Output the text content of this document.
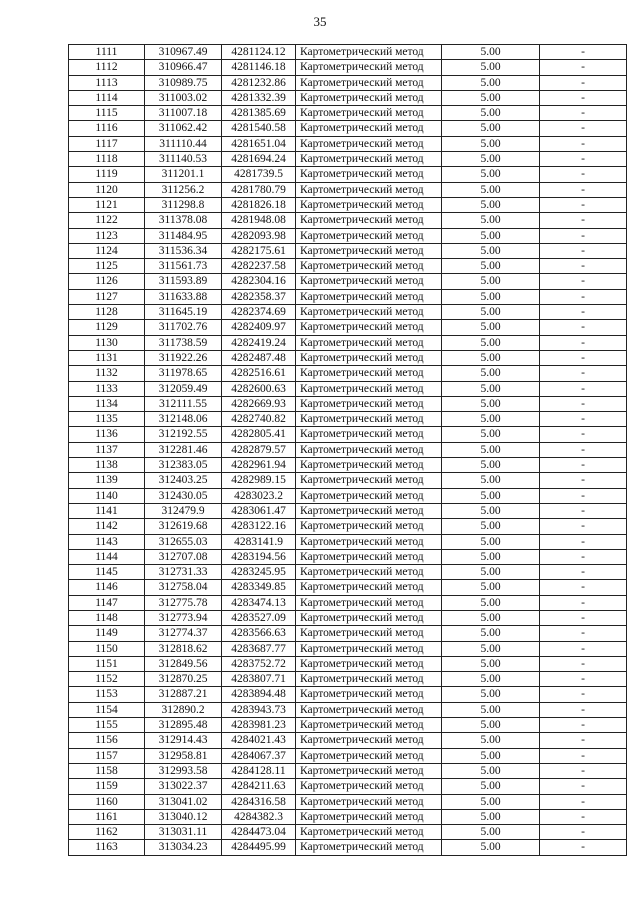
35
1111	310967.49	4281124.12	Картометрический метод	5.00	-
1112	310966.47	4281146.18	Картометрический метод	5.00	-
1113	310989.75	4281232.86	Картометрический метод	5.00	-
1114	311003.02	4281332.39	Картометрический метод	5.00	-
1115	311007.18	4281385.69	Картометрический метод	5.00	-
1116	311062.42	4281540.58	Картометрический метод	5.00	-
1117	311110.44	4281651.04	Картометрический метод	5.00	-
1118	311140.53	4281694.24	Картометрический метод	5.00	-
1119	311201.1	4281739.5	Картометрический метод	5.00	-
1120	311256.2	4281780.79	Картометрический метод	5.00	-
1121	311298.8	4281826.18	Картометрический метод	5.00	-
1122	311378.08	4281948.08	Картометрический метод	5.00	-
1123	311484.95	4282093.98	Картометрический метод	5.00	-
1124	311536.34	4282175.61	Картометрический метод	5.00	-
1125	311561.73	4282237.58	Картометрический метод	5.00	-
1126	311593.89	4282304.16	Картометрический метод	5.00	-
1127	311633.88	4282358.37	Картометрический метод	5.00	-
1128	311645.19	4282374.69	Картометрический метод	5.00	-
1129	311702.76	4282409.97	Картометрический метод	5.00	-
1130	311738.59	4282419.24	Картометрический метод	5.00	-
1131	311922.26	4282487.48	Картометрический метод	5.00	-
1132	311978.65	4282516.61	Картометрический метод	5.00	-
1133	312059.49	4282600.63	Картометрический метод	5.00	-
1134	312111.55	4282669.93	Картометрический метод	5.00	-
1135	312148.06	4282740.82	Картометрический метод	5.00	-
1136	312192.55	4282805.41	Картометрический метод	5.00	-
1137	312281.46	4282879.57	Картометрический метод	5.00	-
1138	312383.05	4282961.94	Картометрический метод	5.00	-
1139	312403.25	4282989.15	Картометрический метод	5.00	-
1140	312430.05	4283023.2	Картометрический метод	5.00	-
1141	312479.9	4283061.47	Картометрический метод	5.00	-
1142	312619.68	4283122.16	Картометрический метод	5.00	-
1143	312655.03	4283141.9	Картометрический метод	5.00	-
1144	312707.08	4283194.56	Картометрический метод	5.00	-
1145	312731.33	4283245.95	Картометрический метод	5.00	-
1146	312758.04	4283349.85	Картометрический метод	5.00	-
1147	312775.78	4283474.13	Картометрический метод	5.00	-
1148	312773.94	4283527.09	Картометрический метод	5.00	-
1149	312774.37	4283566.63	Картометрический метод	5.00	-
1150	312818.62	4283687.77	Картометрический метод	5.00	-
1151	312849.56	4283752.72	Картометрический метод	5.00	-
1152	312870.25	4283807.71	Картометрический метод	5.00	-
1153	312887.21	4283894.48	Картометрический метод	5.00	-
1154	312890.2	4283943.73	Картометрический метод	5.00	-
1155	312895.48	4283981.23	Картометрический метод	5.00	-
1156	312914.43	4284021.43	Картометрический метод	5.00	-
1157	312958.81	4284067.37	Картометрический метод	5.00	-
1158	312993.58	4284128.11	Картометрический метод	5.00	-
1159	313022.37	4284211.63	Картометрический метод	5.00	-
1160	313041.02	4284316.58	Картометрический метод	5.00	-
1161	313040.12	4284382.3	Картометрический метод	5.00	-
1162	313031.11	4284473.04	Картометрический метод	5.00	-
1163	313034.23	4284495.99	Картометрический метод	5.00	-
